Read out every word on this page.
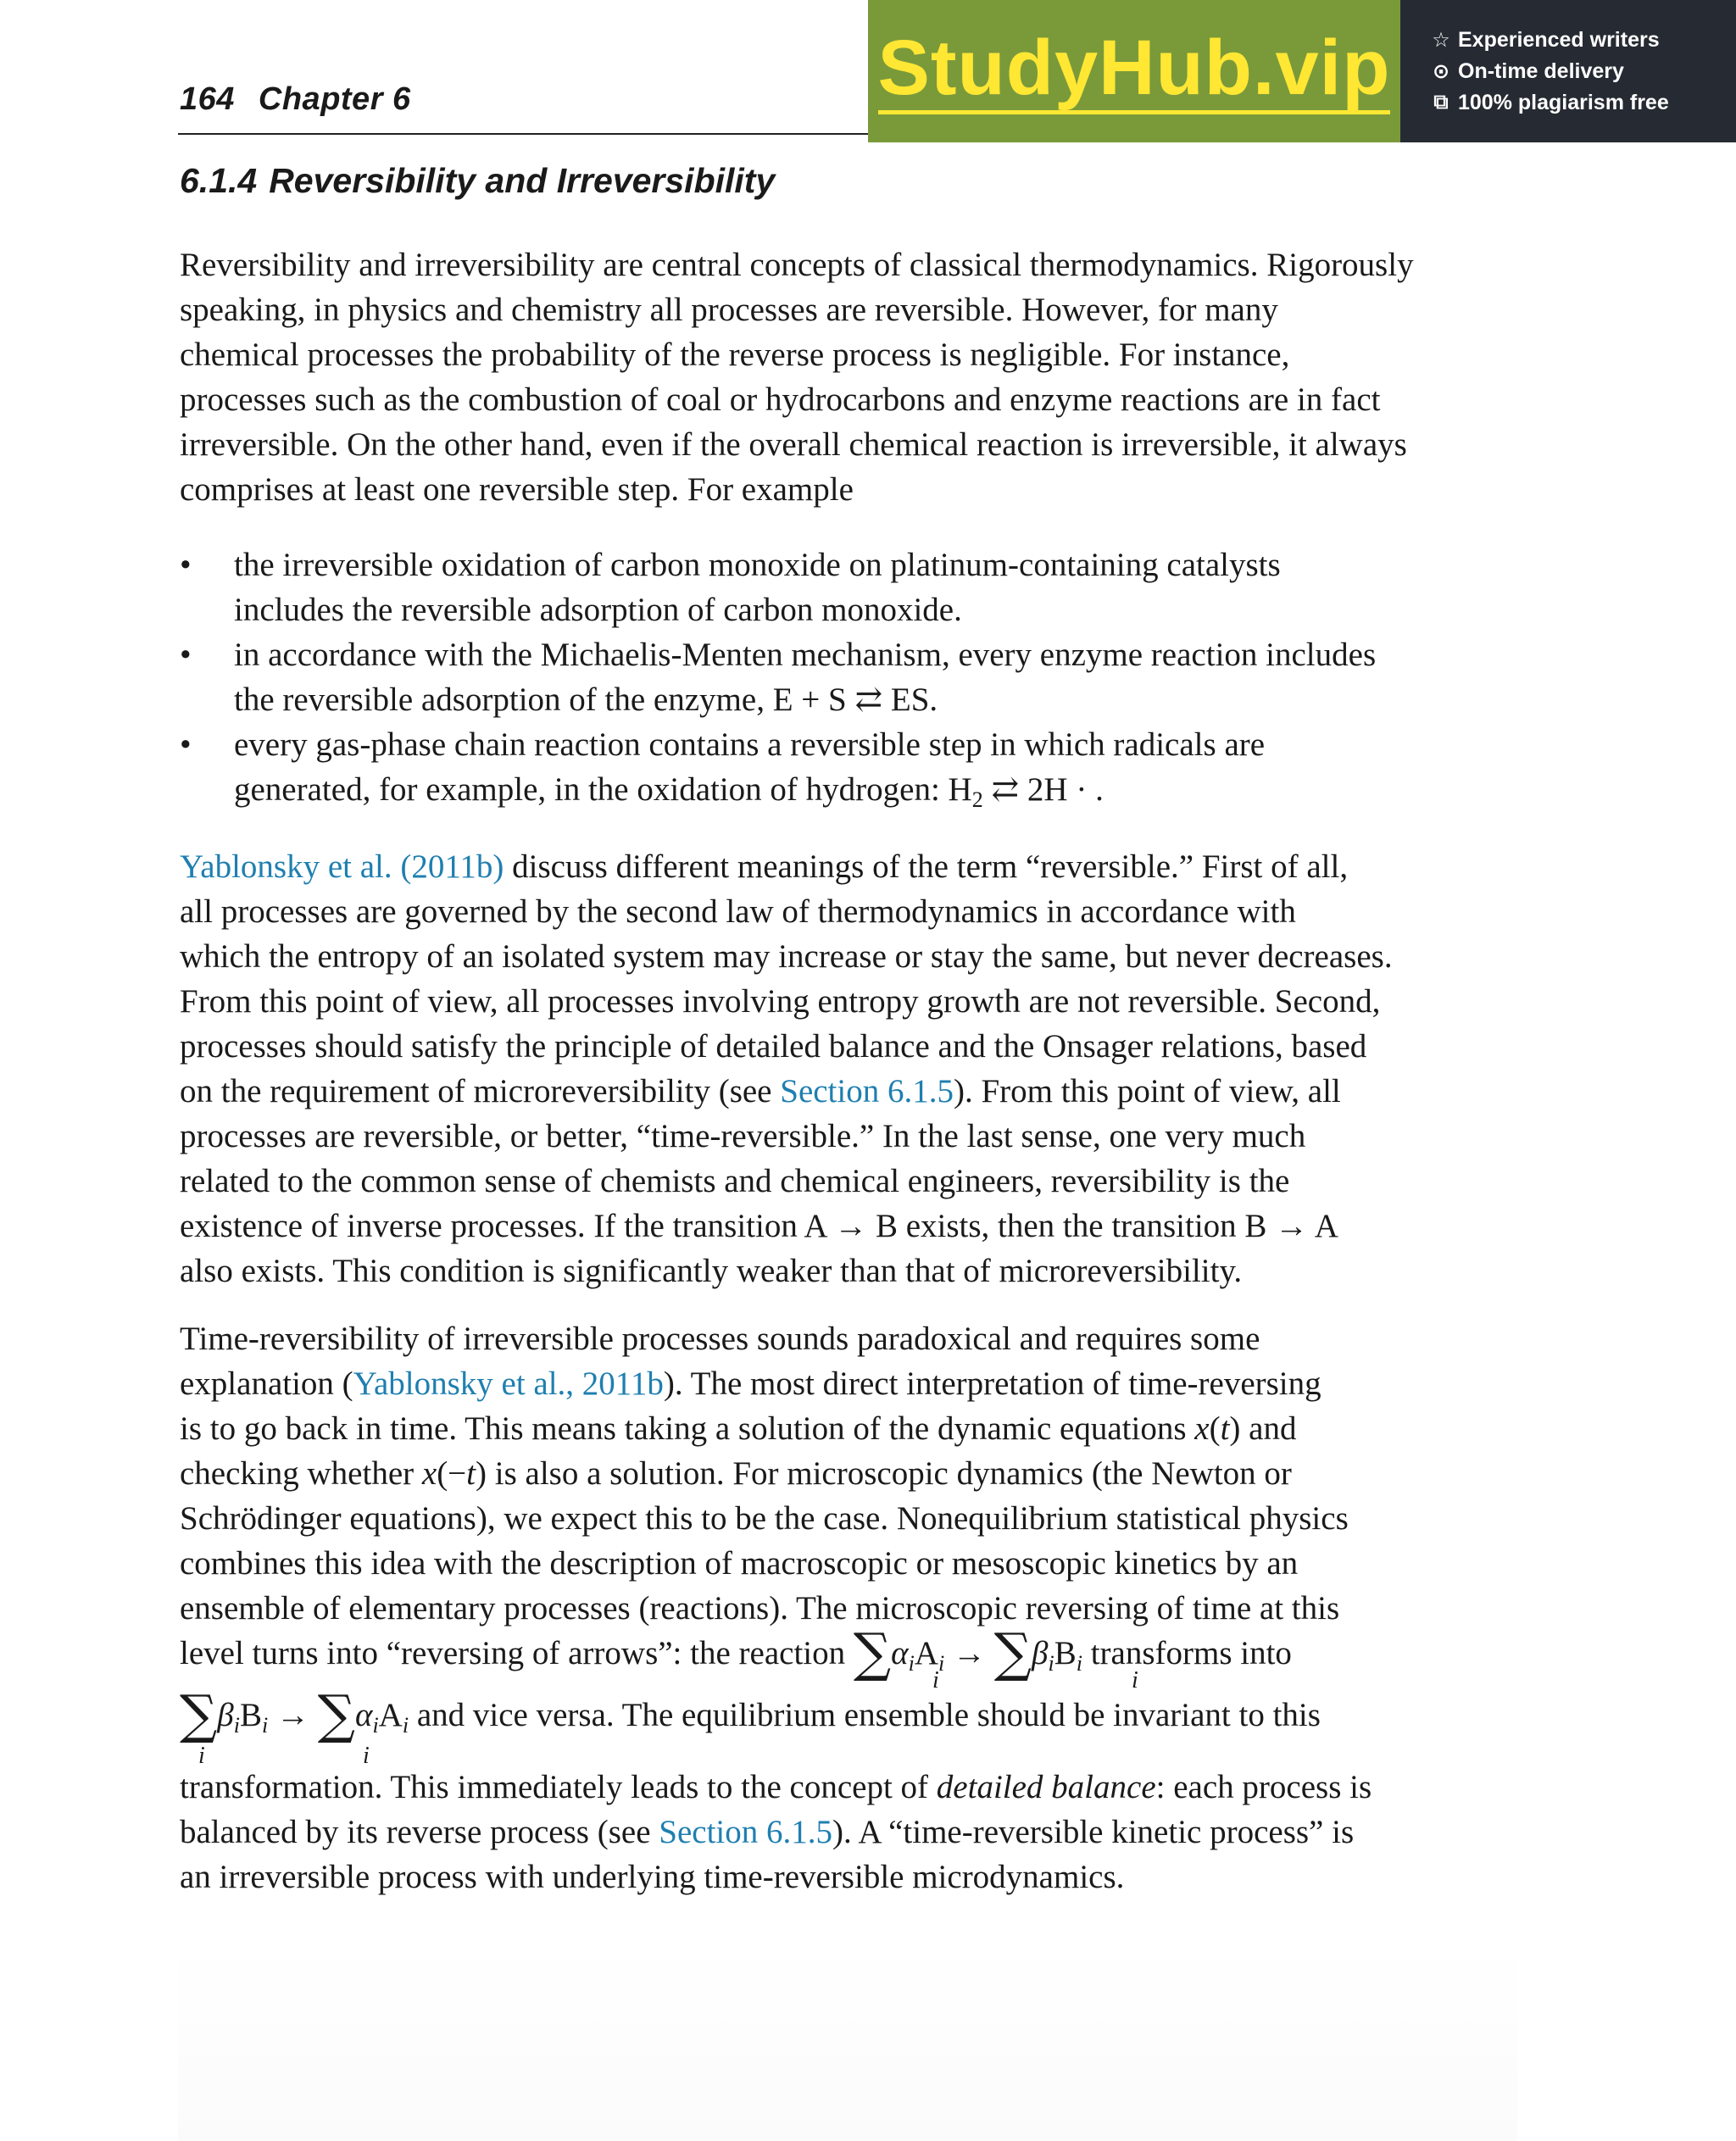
164 Chapter 6	StudyHub.vip ☆ Experienced writers
⊙ On-time delivery
⧉ 100% plagiarism free
6.1.4 Reversibility and Irreversibility
Reversibility and irreversibility are central concepts of classical thermodynamics. Rigorously
speaking, in physics and chemistry all processes are reversible. However, for many
chemical processes the probability of the reverse process is negligible. For instance,
processes such as the combustion of coal or hydrocarbons and enzyme reactions are in fact
irreversible. On the other hand, even if the overall chemical reaction is irreversible, it always
comprises at least one reversible step. For example
• the irreversible oxidation of carbon monoxide on platinum-containing catalysts
includes the reversible adsorption of carbon monoxide.
• in accordance with the Michaelis-Menten mechanism, every enzyme reaction includes
the reversible adsorption of the enzyme, E + S ⇄ ES.
• every gas-phase chain reaction contains a reversible step in which radicals are
generated, for example, in the oxidation of hydrogen: $H_2$ ⇄ 2H · .
Yablonsky et al. (2011b) discuss different meanings of the term “reversible.” First of all,
all processes are governed by the second law of thermodynamics in accordance with
which the entropy of an isolated system may increase or stay the same, but never decreases.
From this point of view, all processes involving entropy growth are not reversible. Second,
processes should satisfy the principle of detailed balance and the Onsager relations, based
on the requirement of microreversibility (see Section 6.1.5). From this point of view, all
processes are reversible, or better, “time-reversible.” In the last sense, one very much
related to the common sense of chemists and chemical engineers, reversibility is the
existence of inverse processes. If the transition A → B exists, then the transition B → A
also exists. This condition is significantly weaker than that of microreversibility.
Time-reversibility of irreversible processes sounds paradoxical and requires some
explanation (Yablonsky et al., 2011b). The most direct interpretation of time-reversing
is to go back in time. This means taking a solution of the dynamic equations x(t) and
checking whether x(−t) is also a solution. For microscopic dynamics (the Newton or
Schrödinger equations), we expect this to be the case. Nonequilibrium statistical physics
combines this idea with the description of macroscopic or mesoscopic kinetics by an
ensemble of elementary processes (reactions). The microscopic reversing of time at this
level turns into “reversing of arrows”: the reaction $\sum\alpha_iA_i \to \sum\beta_iB_i$ transforms into
i	i
$\sum\beta_iB_i \to \sum\alpha_iA_i$ and vice versa. The equilibrium ensemble should be invariant to this
i	i
transformation. This immediately leads to the concept of detailed balance: each process is
balanced by its reverse process (see Section 6.1.5). A “time-reversible kinetic process” is
an irreversible process with underlying time-reversible microdynamics.
